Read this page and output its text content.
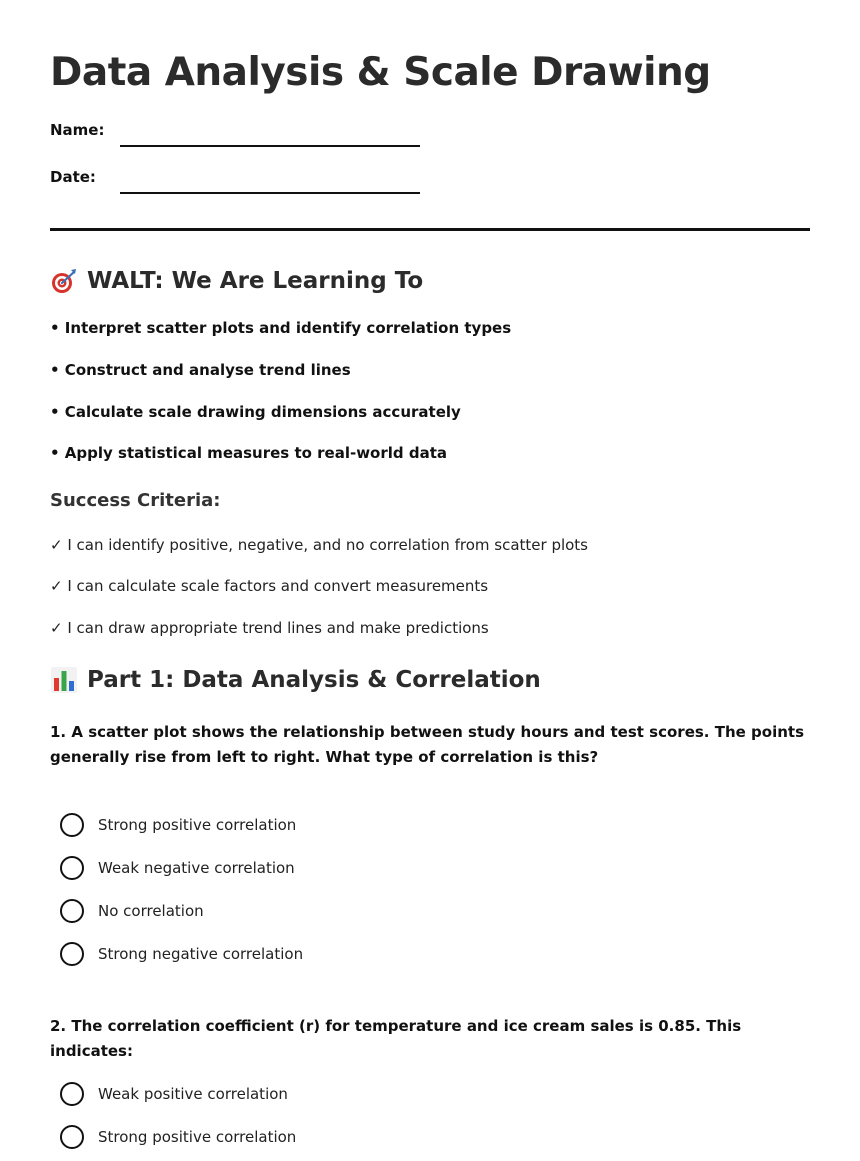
Data Analysis & Scale Drawing
Name:
Date:
WALT: We Are Learning To
• Interpret scatter plots and identify correlation types
• Construct and analyse trend lines
• Calculate scale drawing dimensions accurately
• Apply statistical measures to real-world data
Success Criteria:
✓ I can identify positive, negative, and no correlation from scatter plots
✓ I can calculate scale factors and convert measurements
✓ I can draw appropriate trend lines and make predictions
Part 1: Data Analysis & Correlation
1. A scatter plot shows the relationship between study hours and test scores. The points generally rise from left to right. What type of correlation is this?
Strong positive correlation
Weak negative correlation
No correlation
Strong negative correlation
2. The correlation coefficient (r) for temperature and ice cream sales is 0.85. This indicates:
Weak positive correlation
Strong positive correlation
